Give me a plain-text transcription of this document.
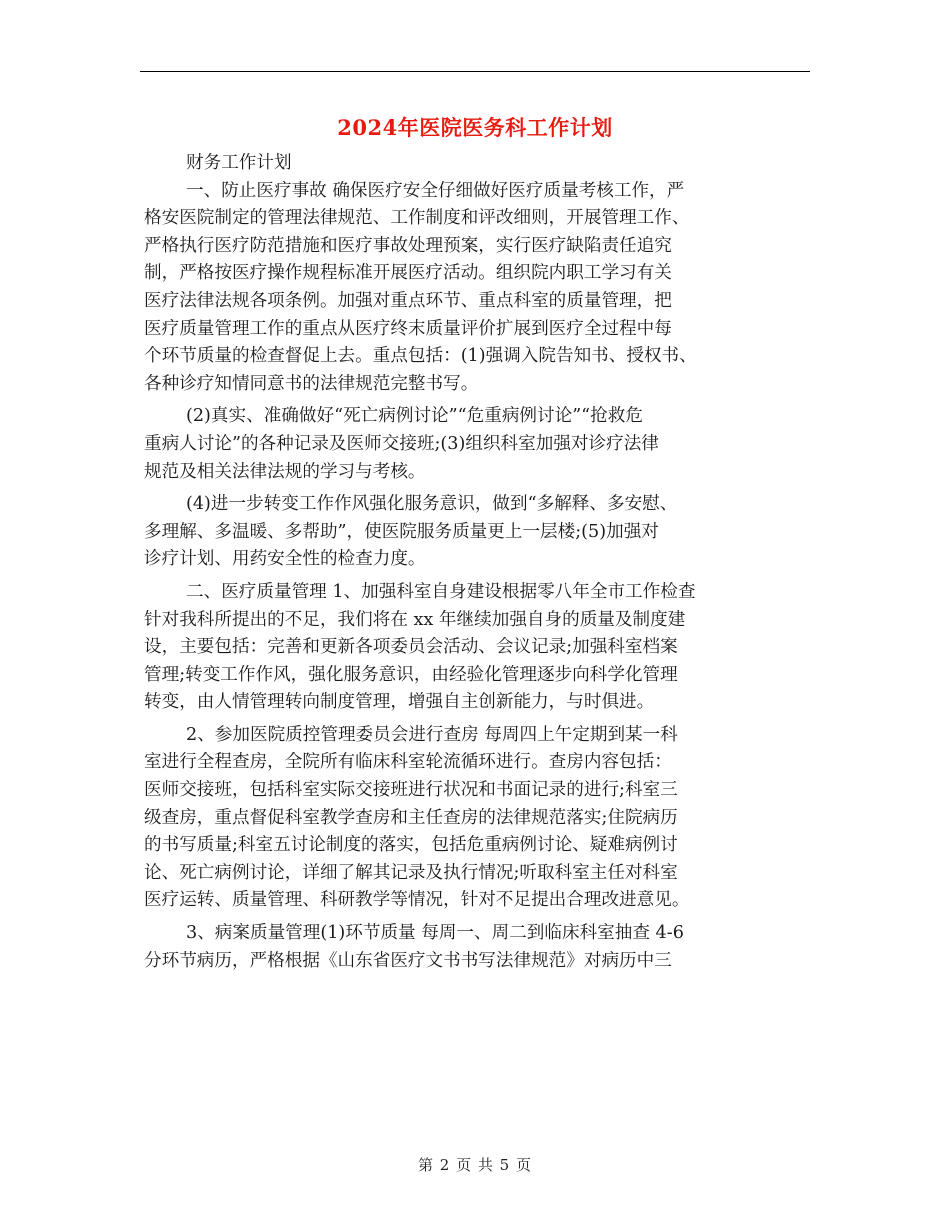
2024年医院医务科工作计划
财务工作计划
一、防止医疗事故 确保医疗安全仔细做好医疗质量考核工作，严
格安医院制定的管理法律规范、工作制度和评改细则，开展管理工作、
严格执行医疗防范措施和医疗事故处理预案，实行医疗缺陷责任追究
制，严格按医疗操作规程标准开展医疗活动。组织院内职工学习有关
医疗法律法规各项条例。加强对重点环节、重点科室的质量管理，把
医疗质量管理工作的重点从医疗终末质量评价扩展到医疗全过程中每
个环节质量的检查督促上去。重点包括：(1)强调入院告知书、授权书、
各种诊疗知情同意书的法律规范完整书写。
(2)真实、准确做好“死亡病例讨论”“危重病例讨论”“抢救危
重病人讨论”的各种记录及医师交接班;(3)组织科室加强对诊疗法律
规范及相关法律法规的学习与考核。
(4)进一步转变工作作风强化服务意识，做到“多解释、多安慰、
多理解、多温暖、多帮助”，使医院服务质量更上一层楼;(5)加强对
诊疗计划、用药安全性的检查力度。
二、医疗质量管理 1、加强科室自身建设根据零八年全市工作检查
针对我科所提出的不足，我们将在 xx 年继续加强自身的质量及制度建
设，主要包括：完善和更新各项委员会活动、会议记录;加强科室档案
管理;转变工作作风，强化服务意识，由经验化管理逐步向科学化管理
转变，由人情管理转向制度管理，增强自主创新能力，与时俱进。
2、参加医院质控管理委员会进行查房 每周四上午定期到某一科
室进行全程查房，全院所有临床科室轮流循环进行。查房内容包括：
医师交接班，包括科室实际交接班进行状况和书面记录的进行;科室三
级查房，重点督促科室教学查房和主任查房的法律规范落实;住院病历
的书写质量;科室五讨论制度的落实，包括危重病例讨论、疑难病例讨
论、死亡病例讨论，详细了解其记录及执行情况;听取科室主任对科室
医疗运转、质量管理、科研教学等情况，针对不足提出合理改进意见。
3、病案质量管理(1)环节质量 每周一、周二到临床科室抽查 4-6
分环节病历，严格根据《山东省医疗文书书写法律规范》对病历中三
第 2 页 共 5 页
